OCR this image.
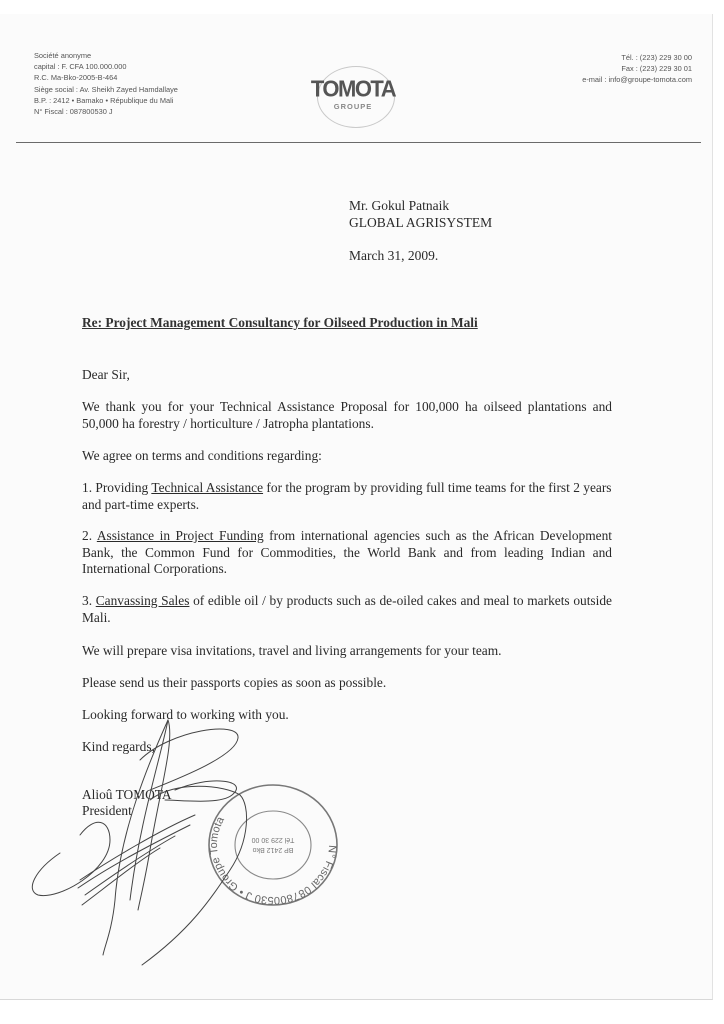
Société anonyme
capital : F. CFA 100.000.000
R.C. Ma-Bko-2005-B-464
Siège social : Av. Sheikh Zayed Hamdallaye
B.P. : 2412 • Bamako • République du Mali
N° Fiscal : 087800530 J
TOMOTA
GROUPE
Tél. : (223) 229 30 00
Fax : (223) 229 30 01
e-mail : info@groupe-tomota.com
Mr. Gokul Patnaik
GLOBAL AGRISYSTEM
March 31, 2009.
Re: Project Management Consultancy for Oilseed Production in Mali
Dear Sir,
We thank you for your Technical Assistance Proposal for 100,000 ha oilseed plantations and 50,000 ha forestry / horticulture / Jatropha plantations.
We agree on terms and conditions regarding:
1. Providing Technical Assistance for the program by providing full time teams for the first 2 years and part-time experts.
2. Assistance in Project Funding from international agencies such as the African Development Bank, the Common Fund for Commodities, the World Bank and from leading Indian and International Corporations.
3. Canvassing Sales of edible oil / by products such as de-oiled cakes and meal to markets outside Mali.
We will prepare visa invitations, travel and living arrangements for your team.
Please send us their passports copies as soon as possible.
Looking forward to working with you.
Kind regards,
Alioû TOMOTA
President
N° Fiscal 087800530 J • Groupe Tomota
BP 2412 Bko
Tél 229 30 00
